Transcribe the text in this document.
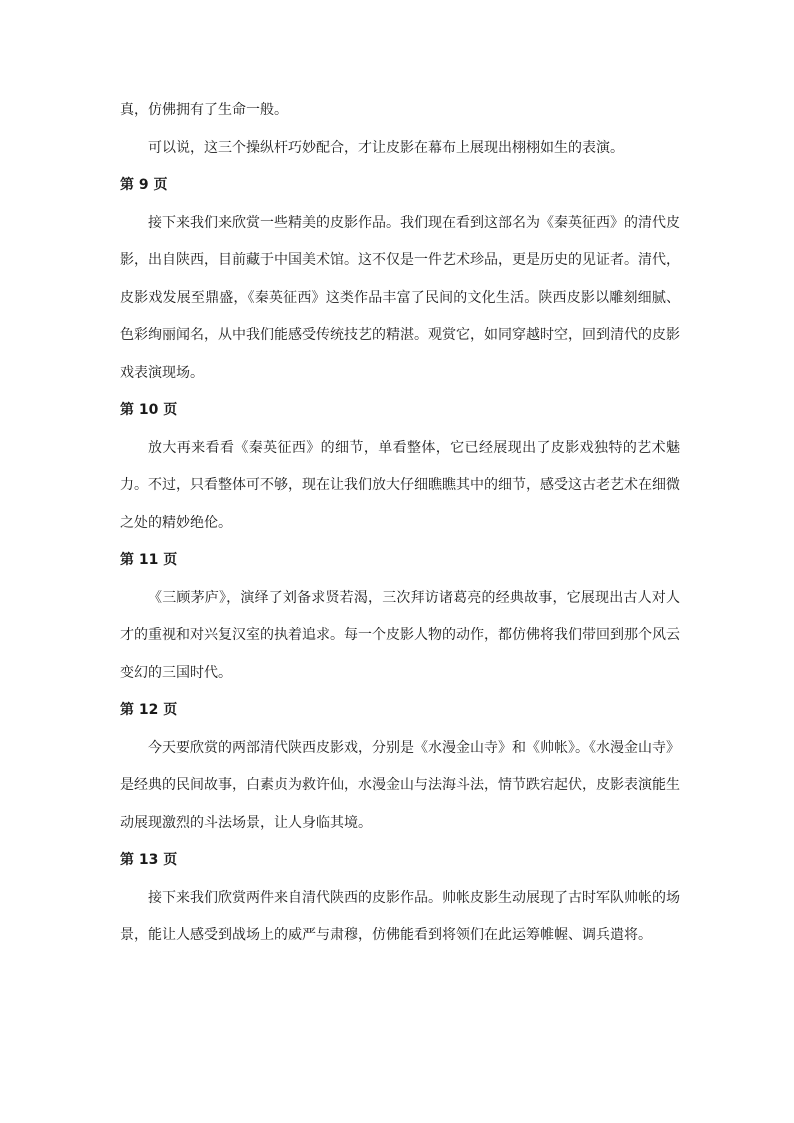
真，仿佛拥有了生命一般。

可以说，这三个操纵杆巧妙配合，才让皮影在幕布上展现出栩栩如生的表演。

第 9 页

接下来我们来欣赏一些精美的皮影作品。我们现在看到这部名为《秦英征西》的清代皮影，出自陕西，目前藏于中国美术馆。这不仅是一件艺术珍品，更是历史的见证者。清代，皮影戏发展至鼎盛，《秦英征西》这类作品丰富了民间的文化生活。陕西皮影以雕刻细腻、色彩绚丽闻名，从中我们能感受传统技艺的精湛。观赏它，如同穿越时空，回到清代的皮影戏表演现场。

第 10 页

放大再来看看《秦英征西》的细节，单看整体，它已经展现出了皮影戏独特的艺术魅力。不过，只看整体可不够，现在让我们放大仔细瞧瞧其中的细节，感受这古老艺术在细微之处的精妙绝伦。

第 11 页

《三顾茅庐》，演绎了刘备求贤若渴，三次拜访诸葛亮的经典故事，它展现出古人对人才的重视和对兴复汉室的执着追求。每一个皮影人物的动作，都仿佛将我们带回到那个风云变幻的三国时代。

第 12 页

今天要欣赏的两部清代陕西皮影戏，分别是《水漫金山寺》和《帅帐》。《水漫金山寺》是经典的民间故事，白素贞为救许仙，水漫金山与法海斗法，情节跌宕起伏，皮影表演能生动展现激烈的斗法场景，让人身临其境。

第 13 页

接下来我们欣赏两件来自清代陕西的皮影作品。帅帐皮影生动展现了古时军队帅帐的场景，能让人感受到战场上的威严与肃穆，仿佛能看到将领们在此运筹帷幄、调兵遣将。
